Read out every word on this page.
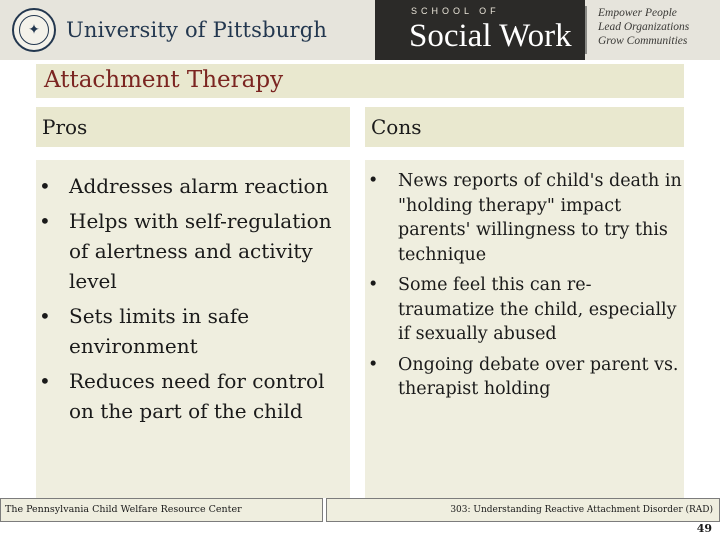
✦	University of Pittsburgh
SCHOOL OF
Social Work
Empower People
Lead Organizations
Grow Communities
Attachment Therapy
Pros	Cons
• Addresses alarm reaction
• Helps with self-regulation of alertness and activity level
• Sets limits in safe environment
• Reduces need for control on the part of the child
• News reports of child's death in "holding therapy" impact parents' willingness to try this technique
• Some feel this can re-traumatize the child, especially if sexually abused
• Ongoing debate over parent vs. therapist holding
The Pennsylvania Child Welfare Resource Center	303: Understanding Reactive Attachment Disorder (RAD)
49
